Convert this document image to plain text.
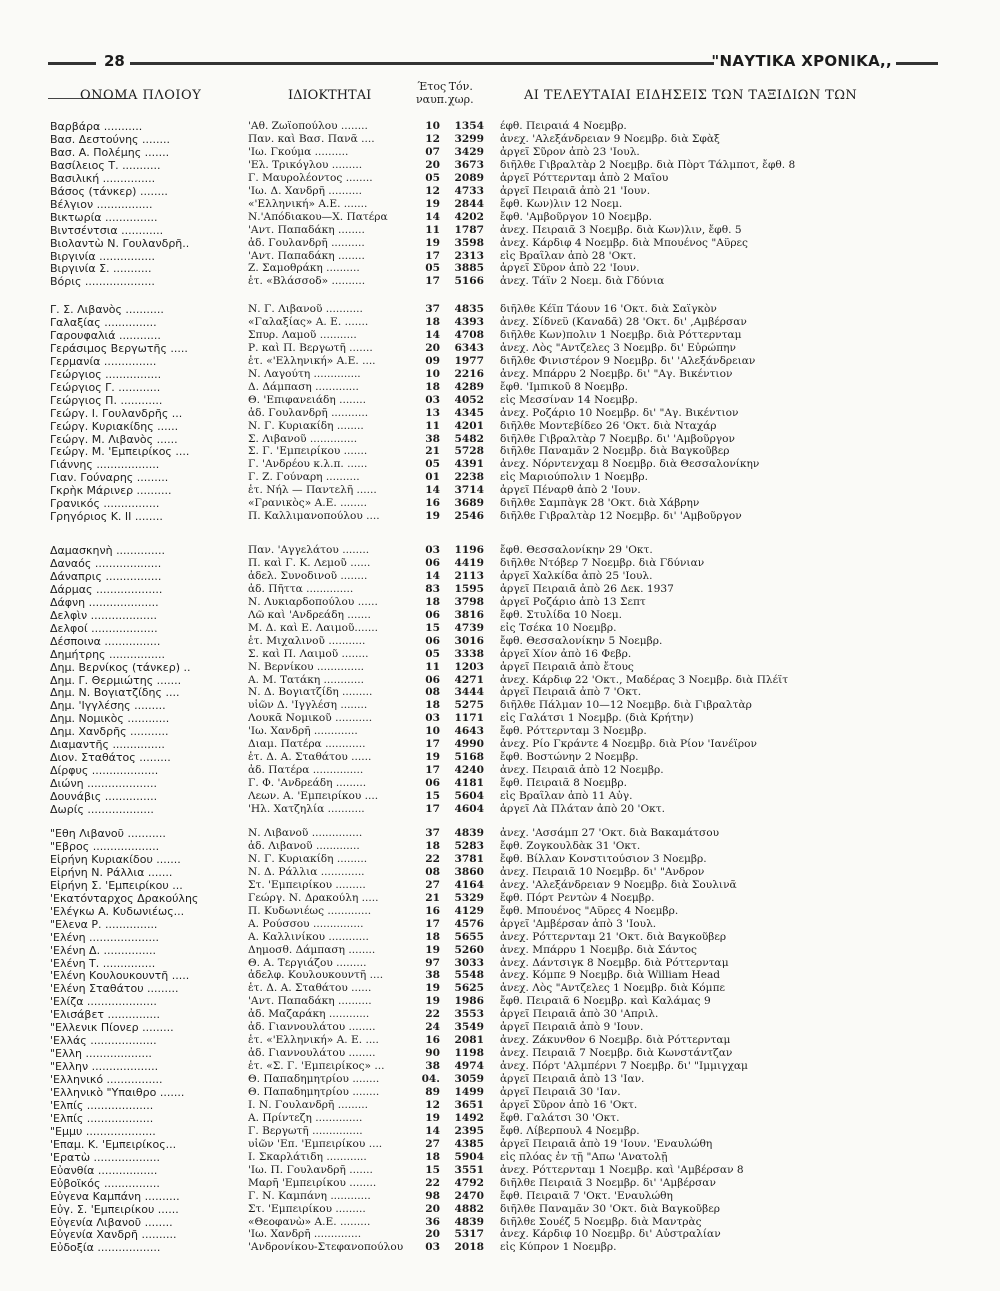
28	"ΝΑΥΤΙΚΑ ΧΡΟΝΙΚΑ,,
ΟΝΟΜΑ ΠΛΟΙΟΥ	ΙΔΙΟΚΤΗΤΑΙ
Έτος
ναυπ.
Τόν.
χωρ.	ΑΙ ΤΕΛΕΥΤΑΙΑΙ ΕΙΔΗΣΕΙΣ ΤΩΝ ΤΑΞΙΔΙΩΝ ΤΩΝ
Βαρβάρα ...........	'Αθ. Ζωϊοπούλου ........	10	1354 έφθ. Πειραιά 4 Νοεμβρ.
Βασ. Δεστούνης ........	Παν. καὶ Βασ. Πανᾶ ....	12	3299 ἀνεχ. 'Αλεξάνδρειαν 9 Νοεμβρ. διὰ Σφὰξ
Βασ. Α. Πολέμης .......	'Ιω. Γκούμα ..........	07	3429 ἀργεῖ Σῦρον ἀπὸ 23 'Ιουλ.
Βασίλειος Τ. ...........	'Ελ. Τρικόγλου .........	20	3673 διῆλθε Γιβραλτὰρ 2 Νοεμβρ. διὰ Πὸρτ Τάλμποτ, ἔφθ. 8
Βασιλική ...............	Γ. Μαυρολέοντος ........	05	2089 ἀργεῖ Ρόττερνταμ ἀπὸ 2 Μαΐου
Βάσος (τάνκερ) ........	'Ιω. Δ. Χανδρῆ ..........	12	4733 ἀργεῖ Πειραιᾶ ἀπὸ 21 'Ιουν.
Βέλγιον ................	«'Ελληνική» Α.Ε. .......	19	2844 ἔφθ. Κων)λιν 12 Νοεμ.
Βικτωρία ...............	Ν.'Απόδιακου—Χ. Πατέρα	14	4202 ἔφθ. 'Αμβοῦργον 10 Νοεμβρ.
Βιντσέντσια ............	'Αντ. Παπαδάκη ........	11	1787 ἀνεχ. Πειραιᾶ 3 Νοεμβρ. διὰ Κων)λιν, ἔφθ. 5
Βιολαντὼ Ν. Γουλανδρῆ..	ἀδ. Γουλανδρῆ ..........	19	3598 ἀνεχ. Κάρδιφ 4 Νοεμβρ. διὰ Μπουένος "Αϋρες
Βιργινία ................	'Αντ. Παπαδάκη ........	17	2313 εἰς Βραΐλαν ἀπὸ 28 'Οκτ.
Βιργινία Σ. ...........	Ζ. Σαμοθράκη ..........	05	3885 ἀργεῖ Σῦρον ἀπὸ 22 'Ιουν.
Βόρις ....................	ἑτ. «Βλάσσοδ» ..........	17	5166 ἀνεχ. Τάϊν 2 Νοεμ. διὰ Γδύνια
Γ. Σ. Λιβανὸς ...........	Ν. Γ. Λιβανοῦ ...........	37	4835 διῆλθε Κέϊπ Τάουν 16 'Οκτ. διὰ Σαϊγκὸν
Γαλαξίας ...............	«Γαλαξίας» Α. Ε. .......	18	4393 ἀνεχ. Σίδνεϋ (Καναδᾶ) 28 'Οκτ. δι' ,Αμβέρσαν
Γαρουφαλιά ............	Σπυρ. Λαμοῦ ...........	14	4708 διῆλθε Κων)πολιν 1 Νοεμβρ. διὰ Ρόττερνταμ
Γεράσιμος Βεργωτῆς .....	Ρ. καὶ Π. Βεργωτῆ .......	20	6343 ἀνεχ. Λὸς "Αντζελες 3 Νοεμβρ. δι' Εὐρώπην
Γερμανία ...............	ἑτ. «'Ελληνική» Α.Ε. ....	09	1977 διῆλθε Φινιστέρον 9 Νοεμβρ. δι' 'Αλεξάνδρειαν
Γεώργιος ................	Ν. Λαγούτη ..............	10	2216 ἀνεχ. Μπάρρυ 2 Νοεμβρ. δι' "Αγ. Βικέντιον
Γεώργιος Γ. ............	Δ. Δάμπαση .............	18	4289 ἔφθ. 'Ιμπικοῦ 8 Νοεμβρ.
Γεώργιος Π. ............	Θ. 'Επιφανειάδη ........	03	4052 εἰς Μεσσίναν 14 Νοεμβρ.
Γεώργ. Ι. Γουλανδρῆς ...	ἀδ. Γουλανδρῆ ...........	13	4345 ἀνεχ. Ροζάριο 10 Νοεμβρ. δι' "Αγ. Βικέντιον
Γεώργ. Κυριακίδης ......	Ν. Γ. Κυριακίδη ........	11	4201 διῆλθε Μοντεβίδεο 26 'Οκτ. διὰ Νταχάρ
Γεώργ. Μ. Λιβανὸς ......	Σ. Λιβανοῦ ..............	38	5482 διῆλθε Γιβραλτὰρ 7 Νοεμβρ. δι' 'Αμβοῦργον
Γεώργ. Μ. 'Εμπειρίκος ....	Σ. Γ. 'Εμπειρίκου .......	21	5728 διῆλθε Παναμᾶν 2 Νοεμβρ. διὰ Βαγκοῦβερ
Γιάννης ..................	Γ. 'Ανδρέου κ.λ.π. ......	05	4391 ἀνεχ. Νόρντενχαμ 8 Νοεμβρ. διὰ Θεσσαλονίκην
Γιαν. Γούναρης .........	Γ. Ζ. Γούναρη ..........	01	2238 εἰς Μαριούπολιν 1 Νοεμβρ.
Γκρὴκ Μάρινερ ..........	ἑτ. Νήλ — Παντελῆ ......	14	3714 ἀργεῖ Πέναρθ ἀπὸ 2 'Ιουν.
Γρανικός ................	«Γρανικὸς» Α.Ε. ........	16	3689 διῆλθε Σαμπὰγκ 28 'Οκτ. διὰ Χάβρην
Γρηγόριος Κ. ΙΙ ........	Π. Καλλιμανοπούλου ....	19	2546 διῆλθε Γιβραλτὰρ 12 Νοεμβρ. δι' 'Αμβοῦργον
Δαμασκηνὴ ..............	Παν. 'Αγγελάτου ........	03	1196 ἔφθ. Θεσσαλονίκην 29 'Οκτ.
Δαναός ...................	Π. καὶ Γ. Κ. Λεμοῦ ......	06	4419 διῆλθε Ντόβερ 7 Νοεμβρ. διὰ Γδύνιαν
Δάναπρις ................	ἀδελ. Συνοδινοῦ ........	14	2113 ἀργεῖ Χαλκίδα ἀπὸ 25 'Ιουλ.
Δάρμας ...................	ἀδ. Πῆττα ..............	83	1595 ἀργεῖ Πειραιᾶ ἀπὸ 26 Δεκ. 1937
Δάφνη ....................	Ν. Λυκιαρδοπούλου ......	18	3798 ἀργεῖ Ροζάριο ἀπὸ 13 Σεπτ
Δελφὶν ...................	Λῶ καὶ 'Ανδρεάδη .......	06	3816 ἔφθ. Στυλίδα 10 Νοεμ.
Δελφοί ...................	Μ. Δ. καὶ Ε. Λαιμοῦ.......	15	4739 εἰς Τσέκα 10 Νοεμβρ.
Δέσποινα ................	ἑτ. Μιχαλινοῦ ...........	06	3016 ἔφθ. Θεσσαλονίκην 5 Νοεμβρ.
Δημήτρης ................	Σ. καὶ Π. Λαιμοῦ ........	05	3338 ἀργεῖ Χίον ἀπὸ 16 Φεβρ.
Δημ. Βερνίκος (τάνκερ) ..	Ν. Βερνίκου ..............	11	1203 ἀργεῖ Πειραιᾶ ἀπὸ ἔτους
Δημ. Γ. Θερμιώτης .......	Α. Μ. Τατάκη ............	06	4271 ἀνεχ. Κάρδιφ 22 'Οκτ., Μαδέρας 3 Νοεμβρ. διὰ Πλέϊτ
Δημ. Ν. Βογιατζίδης ....	Ν. Δ. Βογιατζίδη .........	08	3444 ἀργεῖ Πειραιᾶ ἀπὸ 7 'Οκτ.
Δημ. 'Ιγγλέσης .........	υἱῶν Δ. 'Ιγγλέση ........	18	5275 διῆλθε Πάλμαν 10—12 Νοεμβρ. διὰ Γιβραλτὰρ
Δημ. Νομικὸς ............	Λουκᾶ Νομικοῦ ...........	03	1171 εἰς Γαλάτσι 1 Νοεμβρ. (διὰ Κρήτην)
Δημ. Χανδρῆς ...........	'Ιω. Χανδρῆ .............	10	4643 ἔφθ. Ρόττερνταμ 3 Νοεμβρ.
Διαμαντῆς ...............	Διαμ. Πατέρα ............	17	4990 ἀνεχ. Ρίο Γκράντε 4 Νοεμβρ. διὰ Ρίον 'Ιανέϊρον
Διον. Σταθάτος .........	ἑτ. Δ. Α. Σταθάτου ......	19	5168 ἔφθ. Βοστώνην 2 Νοεμβρ.
Δίρφυς ...................	ἀδ. Πατέρα ...............	17	4240 ἀνεχ. Πειραιᾶ ἀπὸ 12 Νοεμβρ.
Διώνη ....................	Γ. Φ. 'Ανδρεάδη .........	06	4181 ἔφθ. Πειραιᾶ 8 Νοεμβρ.
Δουνάβις ...............	Λεων. Α. 'Εμπειρίκου ....	15	5604 εἰς Βραΐλαν ἀπὸ 11 Αὐγ.
Δωρίς ...................	'Ηλ. Χατζηλία ...........	17	4604 ἀργεῖ Λὰ Πλάταν ἀπὸ 20 'Οκτ.
"Εθη Λιβανοῦ ...........	Ν. Λιβανοῦ ...............	37	4839 ἀνεχ. 'Ασσάμπ 27 'Οκτ. διὰ Βακαμάτσου
"Εβρος ...................	ἀδ. Λιβανοῦ .............	18	5283 ἔφθ. Ζογκουλδὰκ 31 'Οκτ.
Εἰρήνη Κυριακίδου .......	Ν. Γ. Κυριακίδη .........	22	3781 ἔφθ. Βίλλαν Κονστιτούσιον 3 Νοεμβρ.
Εἰρήνη Ν. Ράλλια .......	Ν. Δ. Ράλλια .............	08	3860 ἀνεχ. Πειραιᾶ 10 Νοεμβρ. δι' "Ανδρον
Εἰρήνη Σ. 'Εμπειρίκου ...	Στ. 'Εμπειρίκου .........	27	4164 ἀνεχ. 'Αλεξάνδρειαν 9 Νοεμβρ. διὰ Σουλινᾶ
'Εκατόνταρχος Δρακούλης	Γεώργ. Ν. Δρακούλη .....	21	5329 ἔφθ. Πόρτ Ρεντὼν 4 Νοεμβρ.
'Ελέγκω Α. Κυδωνιέως...	Π. Κυδωνιέως .............	16	4129 ἔφθ. Μπουένος "Αϋρες 4 Νοεμβρ.
"Ελενα Ρ. ...............	Α. Ρούσσου ...............	17	4576 ἀργεῖ 'Αμβέρσαν ἀπὸ 3 'Ιουλ.
'Ελένη ....................	Α. Καλλινίκου ............	18	5655 ἀνεχ. Ρόττερνταμ 21 'Οκτ. διὰ Βαγκοῦβερ
'Ελένη Δ. ...............	Δημοσθ. Δάμπαση ........	19	5260 ἀνεχ. Μπάρρυ 1 Νοεμβρ. διὰ Σάντος
'Ελένη Τ. ...............	Θ. Α. Τεργιάζου .........	97	3033 ἀνεχ. Δάντσιγκ 8 Νοεμβρ. διὰ Ρόττερνταμ
'Ελένη Κουλουκουντῆ .....	ἀδελφ. Κουλουκουντῆ ....	38	5548 ἀνεχ. Κόμπε 9 Νοεμβρ. διὰ William Head
'Ελένη Σταθάτου .........	ἑτ. Δ. Α. Σταθάτου ......	19	5625 ἀνεχ. Λὸς "Αντζελες 1 Νοεμβρ. διὰ Κόμπε
'Ελίζα ....................	'Αντ. Παπαδάκη ..........	19	1986 ἔφθ. Πειραιᾶ 6 Νοεμβρ. καὶ Καλάμας 9
'Ελισάβετ ...............	ἀδ. Μαζαράκη ............	22	3553 ἀργεῖ Πειραιᾶ ἀπὸ 30 'Απριλ.
"Ελλενικ Πίονερ .........	ἀδ. Γιαννουλάτου ........	24	3549 ἀργεῖ Πειραιᾶ ἀπὸ 9 'Ιουν.
'Ελλάς ...................	ἑτ. «'Ελληνική» Α. Ε. ....	16	2081 ἀνεχ. Ζάκυνθον 6 Νοεμβρ. διὰ Ρόττερνταμ
"Ελλη ...................	ἀδ. Γιαννουλάτου ........	90	1198 ἀνεχ. Πειραιᾶ 7 Νοεμβρ. διὰ Κωνστάντζαν
"Ελλην ...................	ἑτ. «Σ. Γ. 'Εμπειρίκος» ...	38	4974 ἀνεχ. Πόρτ 'Αλμπέρνι 7 Νοεμβρ. δι' "Ιμμιγχαμ
'Ελληνικό ................	Θ. Παπαδημητρίου ........	04.	3059 ἀργεῖ Πειραιᾶ ἀπὸ 13 'Ιαν.
'Ελληνικὸ "Υπαιθρο .......	Θ. Παπαδημητρίου ........	89	1499 ἀργεῖ Πειραιᾶ 30 'Ιαν.
'Ελπίς ...................	Ι. Ν. Γουλανδρῆ .........	12	3651 ἀργεῖ Σῦρον ἀπὸ 16 'Οκτ.
'Ελπίς ...................	Α. Πρίντεζη ..............	19	1492 ἔφθ. Γαλάτσι 30 'Οκτ.
"Εμμυ ....................	Γ. Βεργωτῆ ...............	14	2395 ἔφθ. Λίβερπουλ 4 Νοεμβρ.
'Επαμ. Κ. 'Εμπειρίκος...	υἱῶν 'Επ. 'Εμπειρίκου ....	27	4385 ἀργεῖ Πειραιᾶ ἀπὸ 19 'Ιουν. 'Εναυλώθη
'Ερατὼ ...................	Ι. Σκαρλάτιδη ............	18	5904 εἰς πλόας ἐν τῇ "Απω 'Ανατολῇ
Εὐανθία .................	'Ιω. Π. Γουλανδρῆ .......	15	3551 ἀνεχ. Ρόττερνταμ 1 Νοεμβρ. καὶ 'Αμβέρσαν 8
Εὐβοϊκός ................	Μαρῆ 'Εμπειρίκου ........	22	4792 διῆλθε Πειραιᾶ 3 Νοεμβρ. δι' 'Αμβέρσαν
Εὐγενα Καμπάνη ..........	Γ. Ν. Καμπάνη ............	98	2470 ἔφθ. Πειραιᾶ 7 'Οκτ. 'Εναυλώθη
Εὐγ. Σ. 'Εμπειρίκου ......	Στ. 'Εμπειρίκου .........	20	4882 διῆλθε Παναμᾶν 30 'Οκτ. διὰ Βαγκοῦβερ
Εὐγενία Λιβανοῦ ........	«Θεοφανὼ» Α.Ε. .........	36	4839 διῆλθε Σουέζ 5 Νοεμβρ. διὰ Μαντρὰς
Εὐγενία Χανδρῆ ..........	'Ιω. Χανδρῆ ..............	20	5317 ἀνεχ. Κάρδιφ 10 Νοεμβρ. δι' Αὐστραλίαν
Εὐδοξία ..................	'Ανδρονίκου-Στεφανοπούλου	03	2018 εἰς Κύπρον 1 Νοεμβρ.
